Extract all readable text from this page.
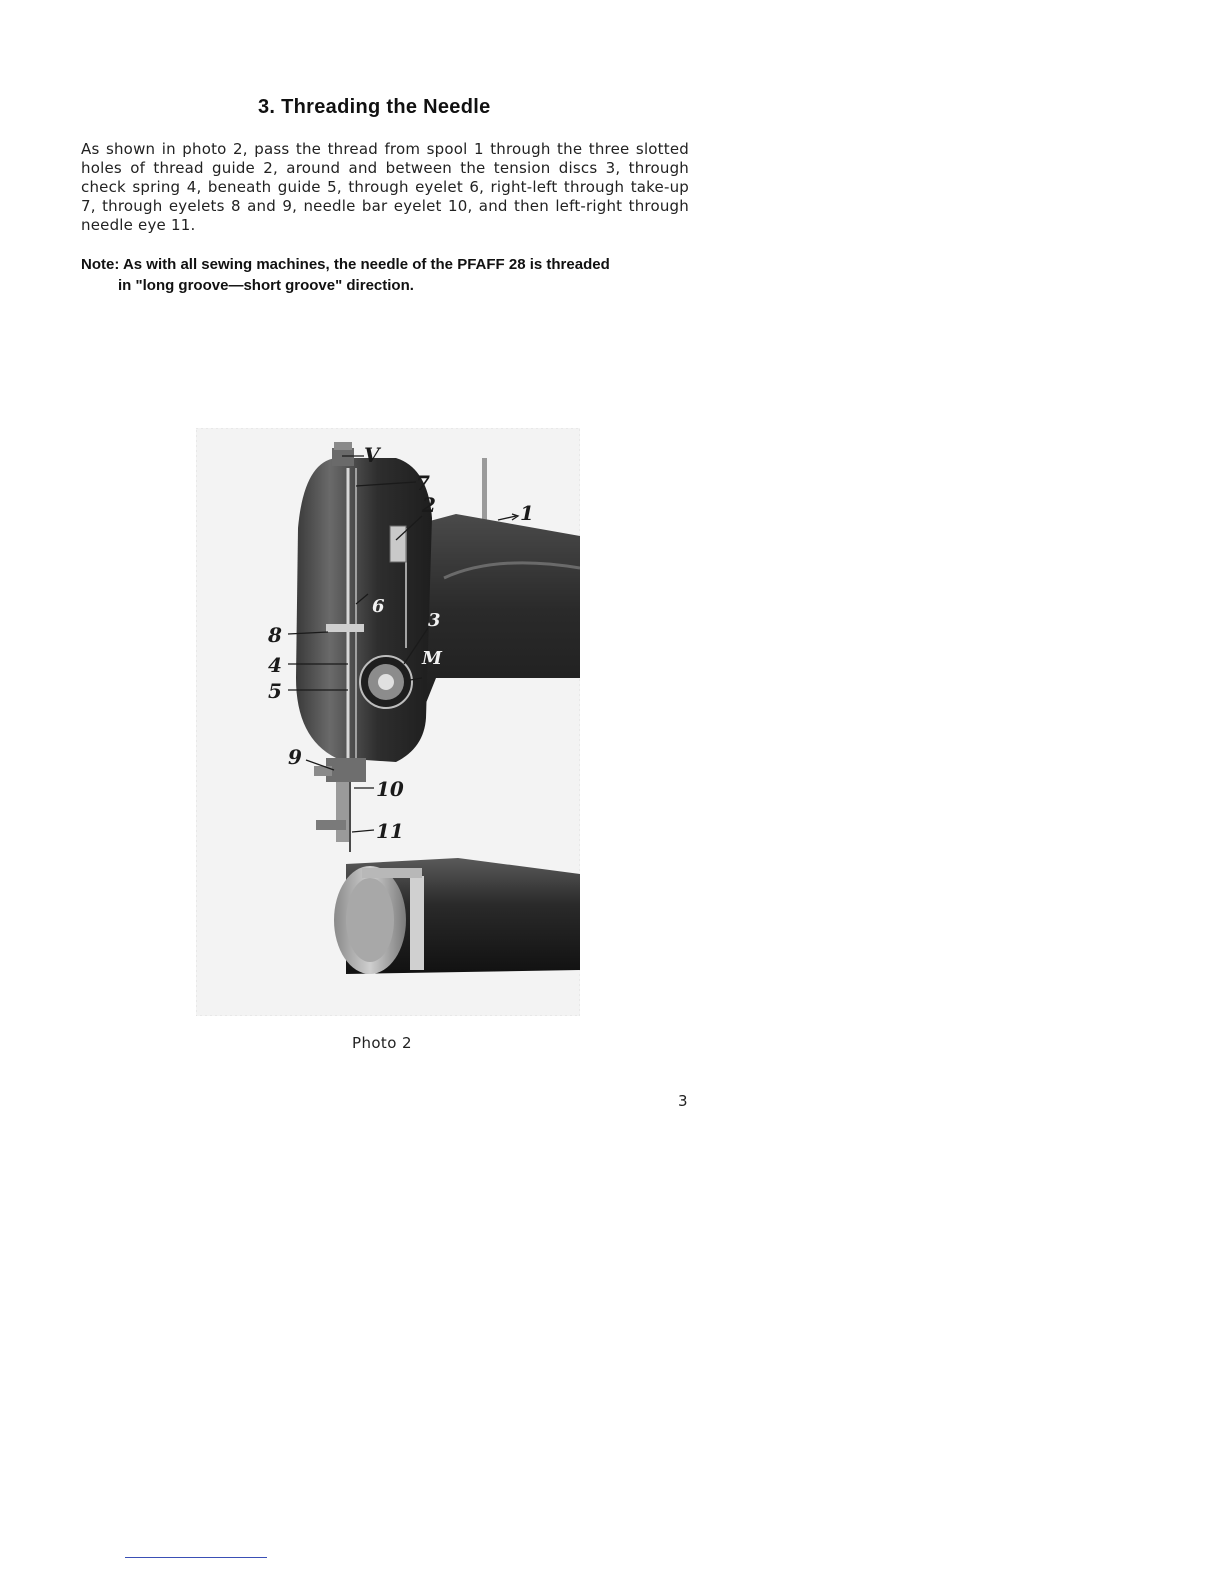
3. Threading the Needle
As shown in photo 2, pass the thread from spool 1 through the three slotted holes of thread guide 2, around and between the tension discs 3, through check spring 4, beneath guide 5, through eyelet 6, right-left through take-up 7, through eyelets 8 and 9, needle bar eyelet 10, and then left-right through needle eye 11.
Note: As with all sewing machines, the needle of the PFAFF 28 is threaded
in "long groove—short groove" direction.
V
7
2	1
6
3
8
M
4
5
9
10
11
Photo 2
3
